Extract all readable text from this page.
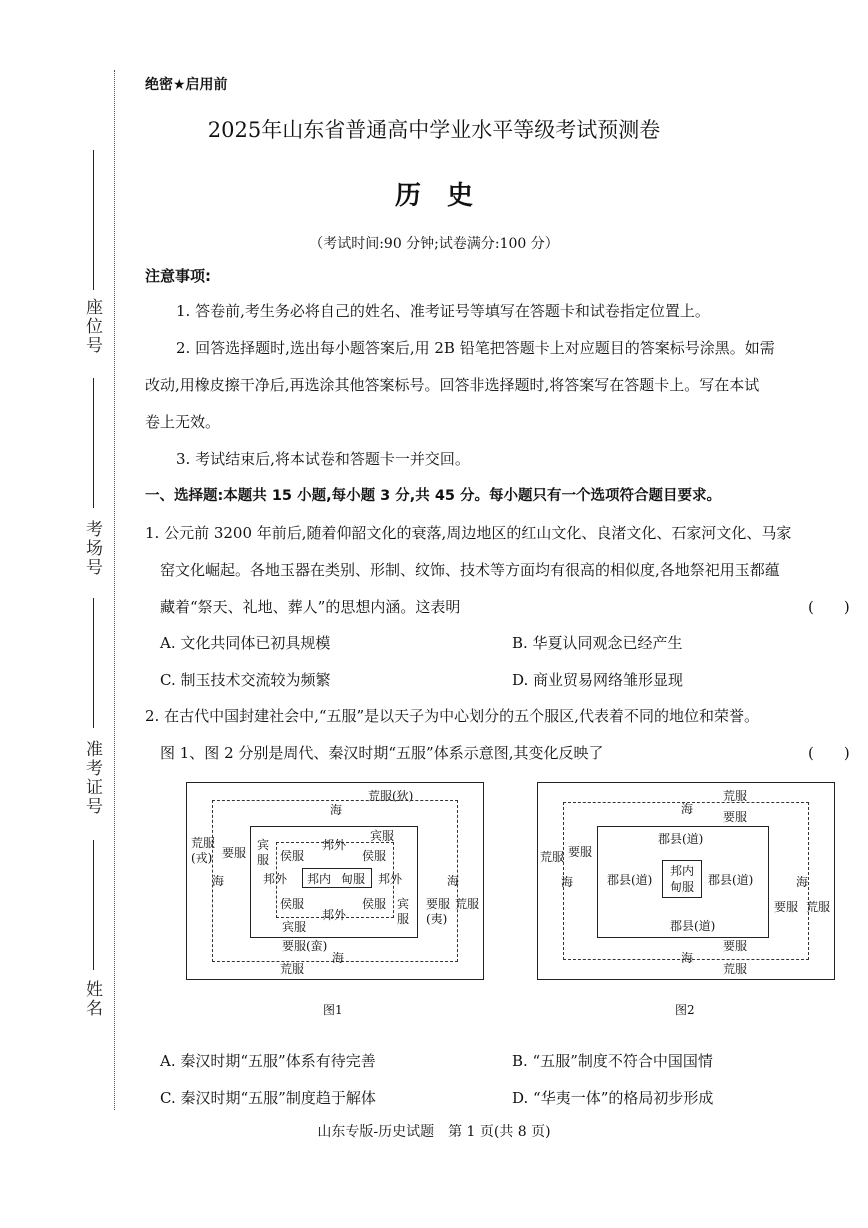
座位号
考场号
准考证号
姓名
绝密★启用前
2025年山东省普通高中学业水平等级考试预测卷
历　史
（考试时间:90 分钟;试卷满分:100 分）
注意事项:
1. 答卷前,考生务必将自己的姓名、准考证号等填写在答题卡和试卷指定位置上。
2. 回答选择题时,选出每小题答案后,用 2B 铅笔把答题卡上对应题目的答案标号涂黑。如需
改动,用橡皮擦干净后,再选涂其他答案标号。回答非选择题时,将答案写在答题卡上。写在本试
卷上无效。
3. 考试结束后,将本试卷和答题卡一并交回。
一、选择题:本题共 15 小题,每小题 3 分,共 45 分。每小题只有一个选项符合题目要求。
1. 公元前 3200 年前后,随着仰韶文化的衰落,周边地区的红山文化、良渚文化、石家河文化、马家
窑文化崛起。各地玉器在类别、形制、纹饰、技术等方面均有很高的相似度,各地祭祀用玉都蕴
藏着“祭天、礼地、葬人”的思想内涵。这表明	(　　)
A. 文化共同体已初具规模	B. 华夏认同观念已经产生
C. 制玉技术交流较为频繁	D. 商业贸易网络雏形显现
2. 在古代中国封建社会中,“五服”是以天子为中心划分的五个服区,代表着不同的地位和荣誉。
图 1、图 2 分别是周代、秦汉时期“五服”体系示意图,其变化反映了	(　　)
荒服(狄)
海
荒服
(戎) 要服
海
宾服
宾
服
邦外
侯服	侯服
邦外 邦内 甸服 邦外
侯服	侯服 宾
服
邦外
宾服
要服
(夷)
海
荒服
要服(蛮)
海
荒服
图1
荒服
海
要服
荒服 要服
海
郡县(道)
郡县(道)
邦内
甸服	郡县(道)
郡县(道)
海
要服 荒服
要服
海
荒服
图2
A. 秦汉时期“五服”体系有待完善	B. “五服”制度不符合中国国情
C. 秦汉时期“五服”制度趋于解体	D. “华夷一体”的格局初步形成
山东专版-历史试题　第 1 页(共 8 页)
